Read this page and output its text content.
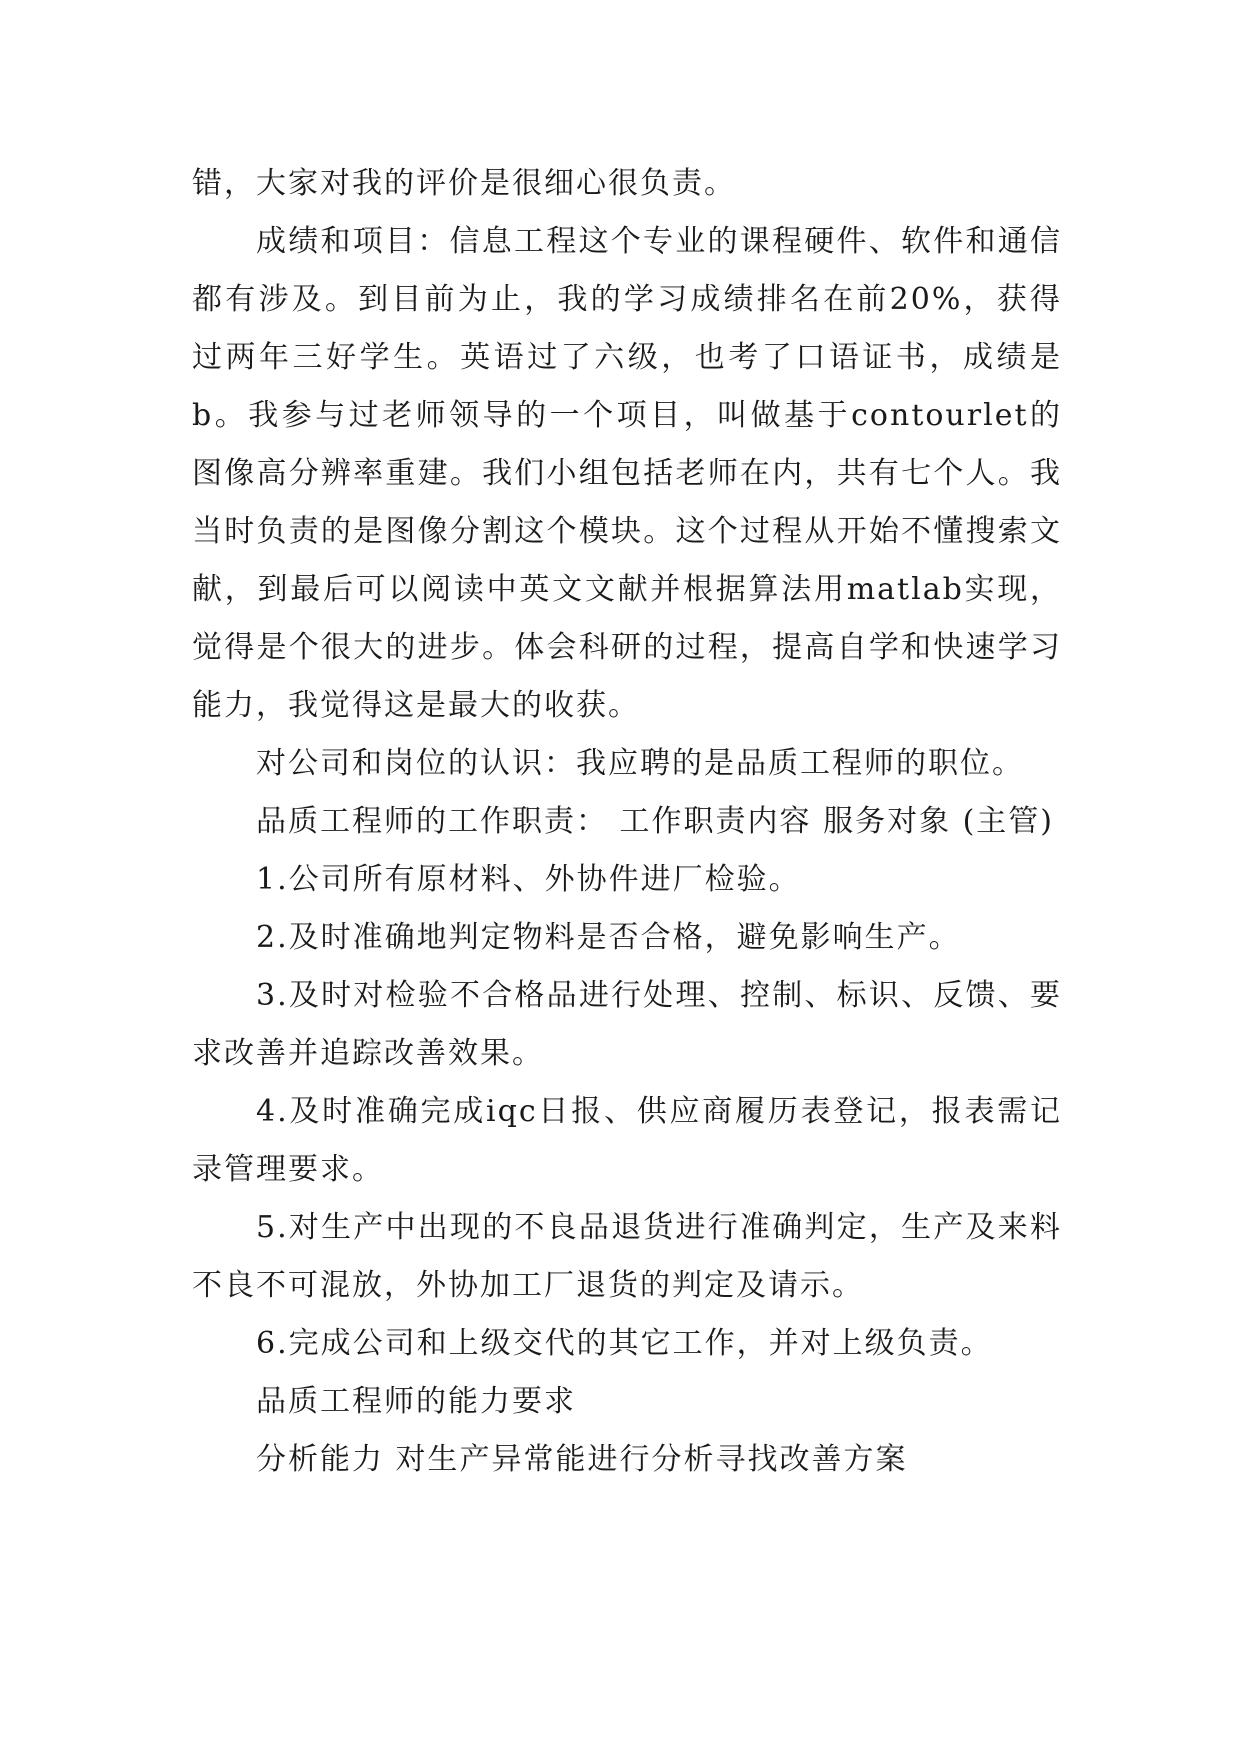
错，大家对我的评价是很细心很负责。

成绩和项目：信息工程这个专业的课程硬件、软件和通信都有涉及。到目前为止，我的学习成绩排名在前20%，获得过两年三好学生。英语过了六级，也考了口语证书，成绩是b。我参与过老师领导的一个项目，叫做基于contourlet的图像高分辨率重建。我们小组包括老师在内，共有七个人。我当时负责的是图像分割这个模块。这个过程从开始不懂搜索文献，到最后可以阅读中英文文献并根据算法用matlab实现，觉得是个很大的进步。体会科研的过程，提高自学和快速学习能力，我觉得这是最大的收获。

对公司和岗位的认识：我应聘的是品质工程师的职位。

品质工程师的工作职责： 工作职责内容 服务对象 (主管)

1.公司所有原材料、外协件进厂检验。

2.及时准确地判定物料是否合格，避免影响生产。

3.及时对检验不合格品进行处理、控制、标识、反馈、要求改善并追踪改善效果。

4.及时准确完成iqc日报、供应商履历表登记，报表需记录管理要求。

5.对生产中出现的不良品退货进行准确判定，生产及来料不良不可混放，外协加工厂退货的判定及请示。

6.完成公司和上级交代的其它工作，并对上级负责。

品质工程师的能力要求

分析能力 对生产异常能进行分析寻找改善方案
